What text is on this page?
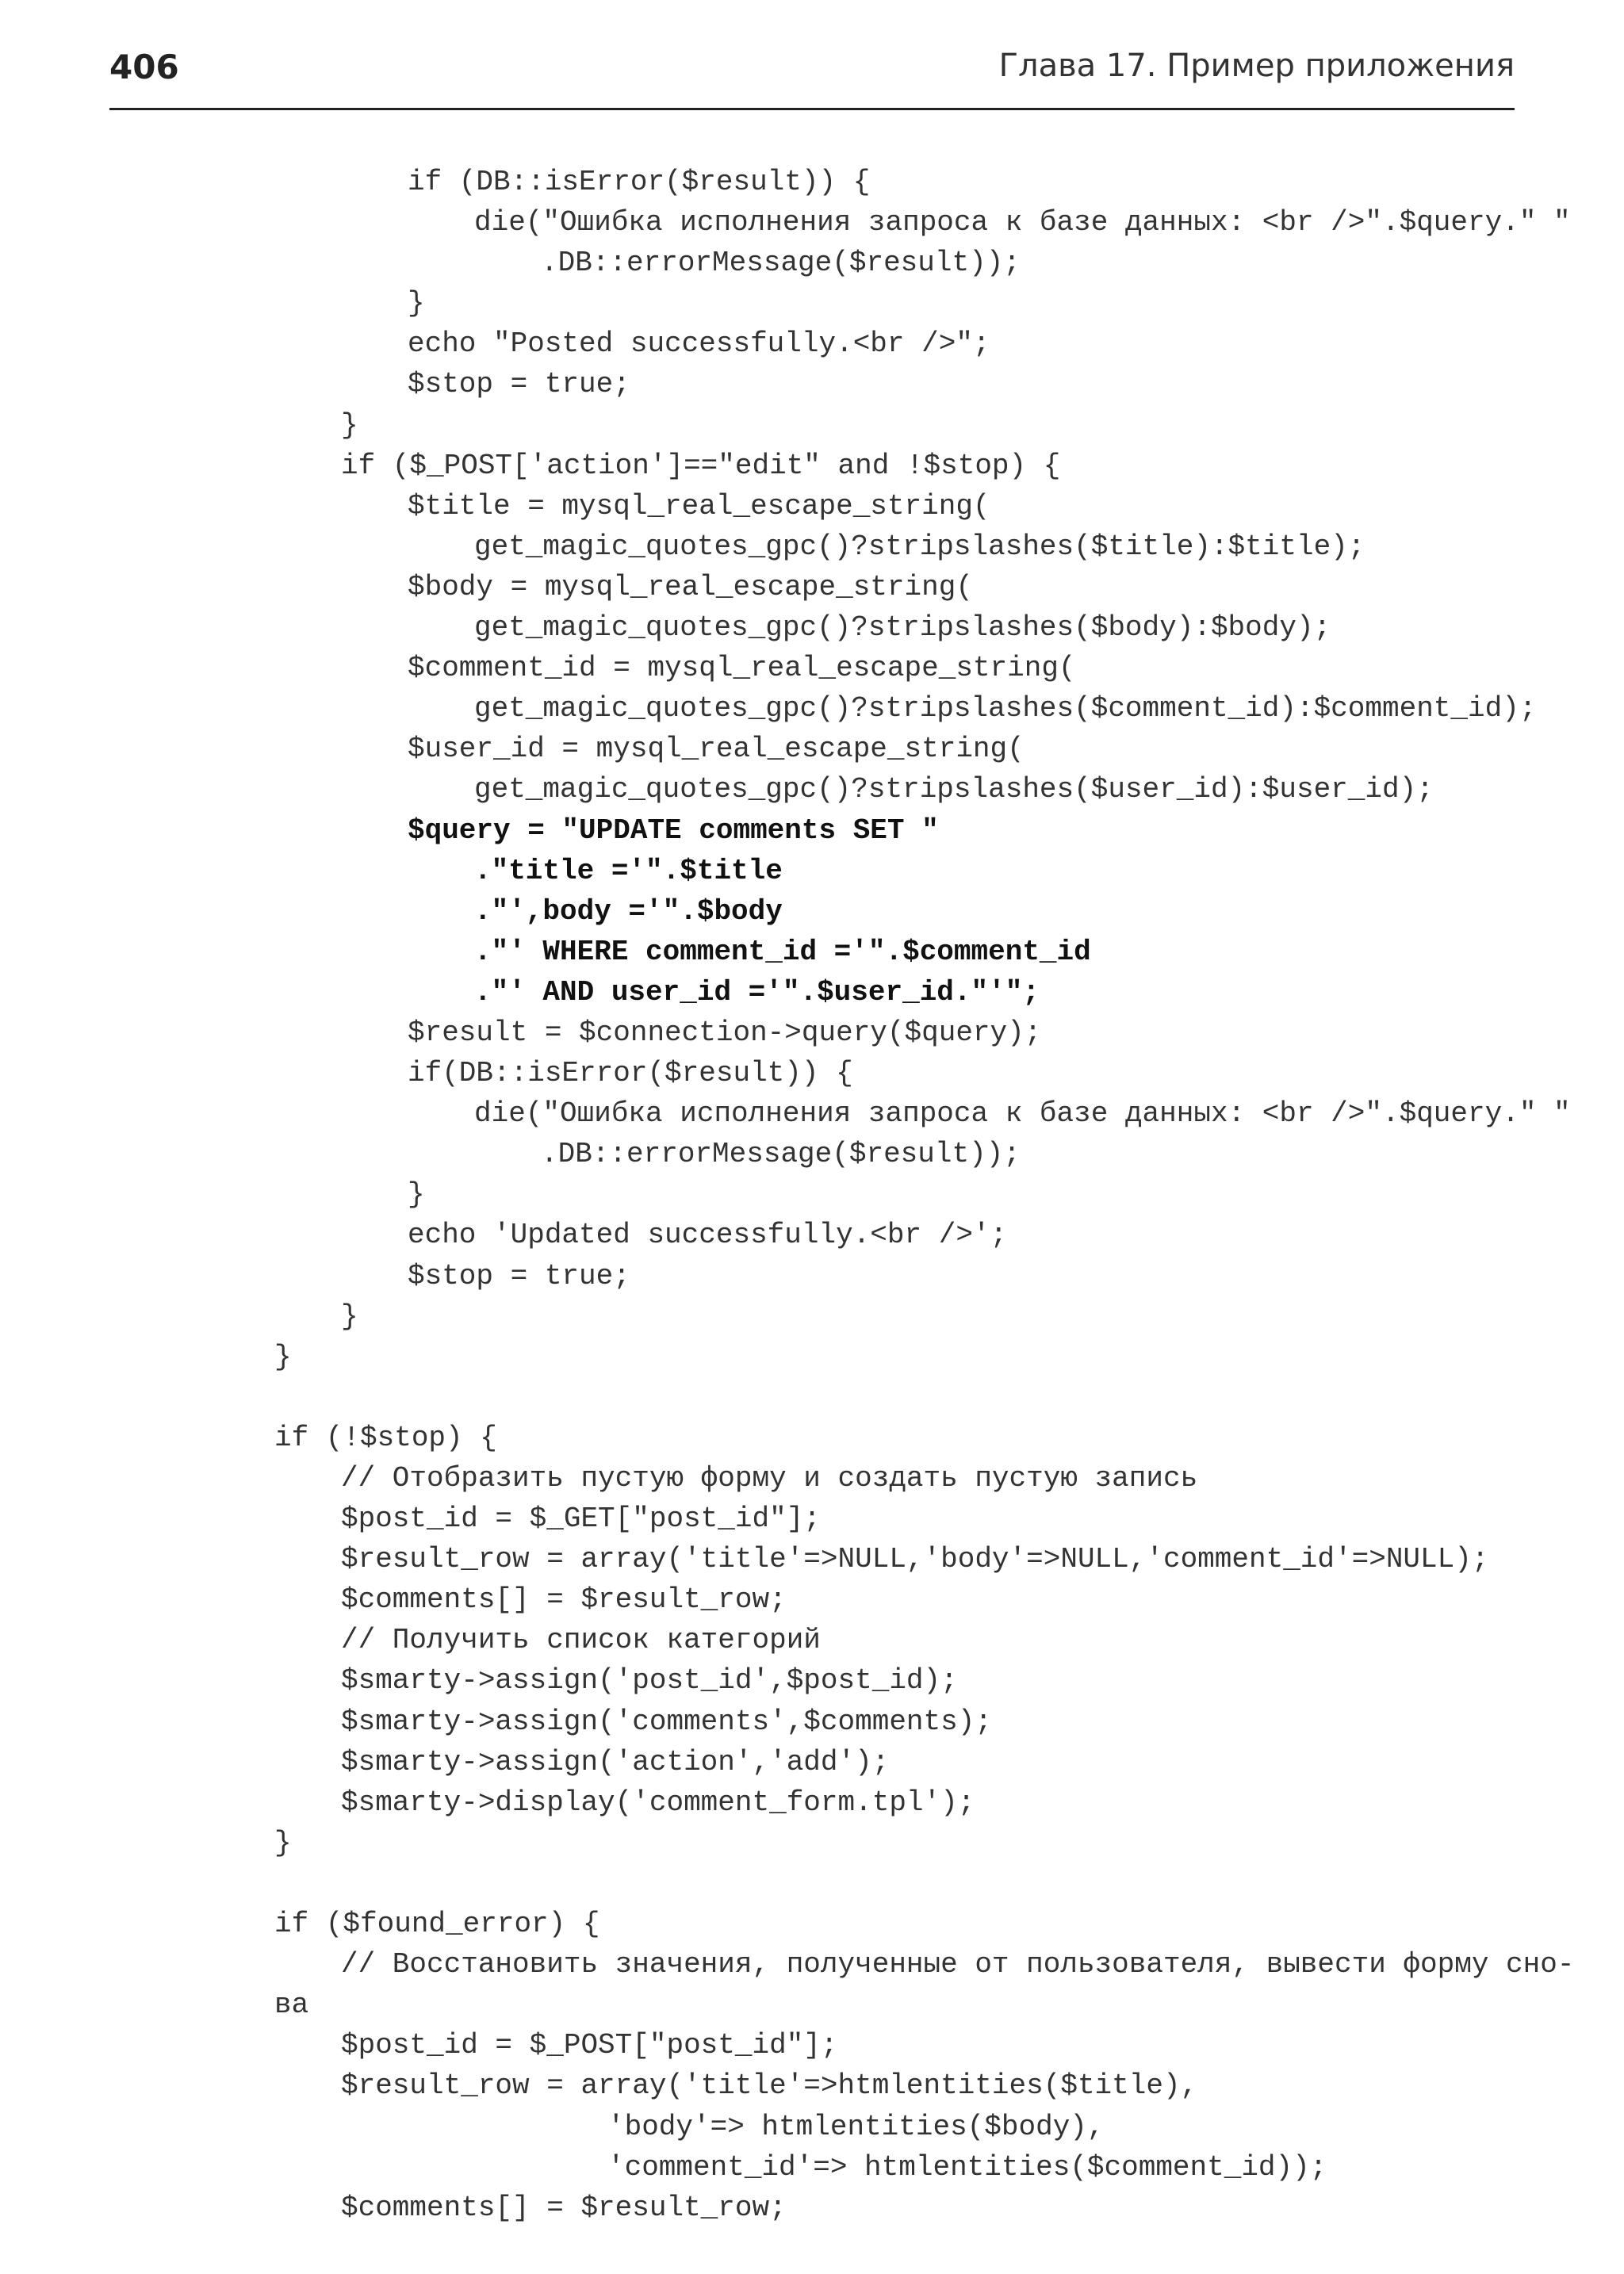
406	Глава 17. Пример приложения
if (DB::isError($result)) {
die("Ошибка исполнения запроса к базе данных: <br />".$query." "
.DB::errorMessage($result));
}
echo "Posted successfully.<br />";
$stop = true;
}
if ($_POST['action']=="edit" and !$stop) {
$title = mysql_real_escape_string(
get_magic_quotes_gpc()?stripslashes($title):$title);
$body = mysql_real_escape_string(
get_magic_quotes_gpc()?stripslashes($body):$body);
$comment_id = mysql_real_escape_string(
get_magic_quotes_gpc()?stripslashes($comment_id):$comment_id);
$user_id = mysql_real_escape_string(
get_magic_quotes_gpc()?stripslashes($user_id):$user_id);
$query = "UPDATE comments SET "
."title ='".$title
."',body ='".$body
."' WHERE comment_id ='".$comment_id
."' AND user_id ='".$user_id."'";
$result = $connection->query($query);
if(DB::isError($result)) {
die("Ошибка исполнения запроса к базе данных: <br />".$query." "
.DB::errorMessage($result));
}
echo 'Updated successfully.<br />';
$stop = true;
}
}
if (!$stop) {
// Отобразить пустую форму и создать пустую запись
$post_id = $_GET["post_id"];
$result_row = array('title'=>NULL,'body'=>NULL,'comment_id'=>NULL);
$comments[] = $result_row;
// Получить список категорий
$smarty->assign('post_id',$post_id);
$smarty->assign('comments',$comments);
$smarty->assign('action','add');
$smarty->display('comment_form.tpl');
}
if ($found_error) {
// Восстановить значения, полученные от пользователя, вывести форму сно-
ва
$post_id = $_POST["post_id"];
$result_row = array('title'=>htmlentities($title),
'body'=> htmlentities($body),
'comment_id'=> htmlentities($comment_id));
$comments[] = $result_row;
